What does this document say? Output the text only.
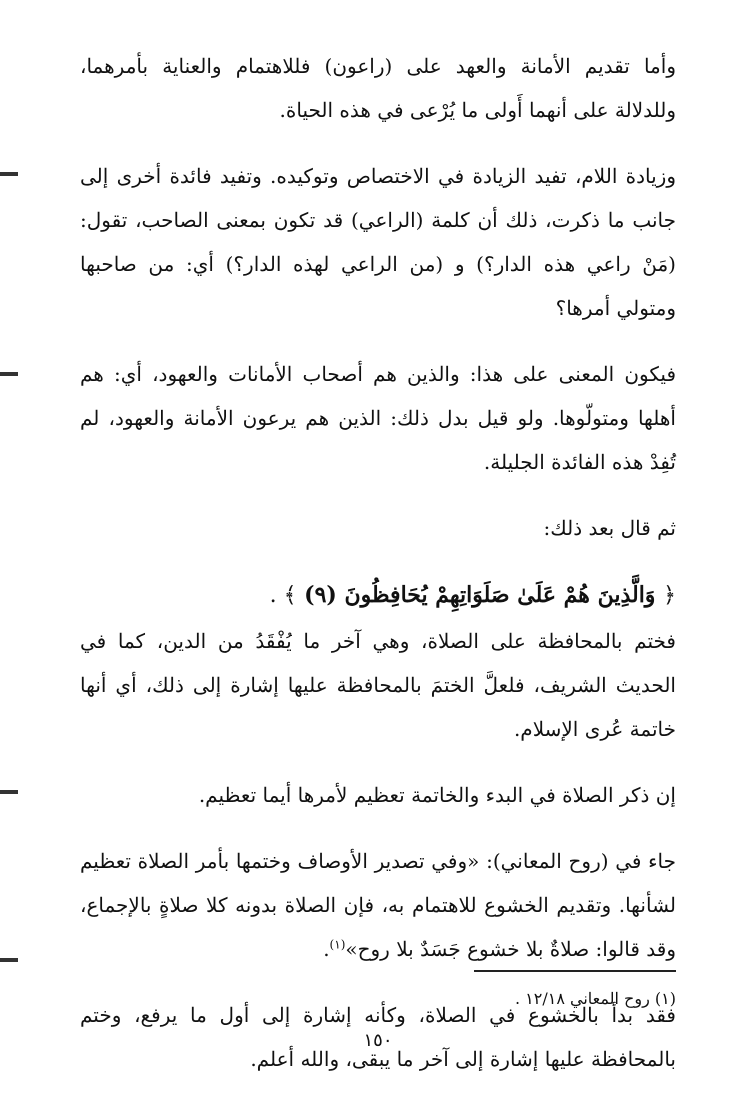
وأما تقديم الأمانة والعهد على (راعون) فللاهتمام والعناية بأمرهما، وللدلالة على أنهما أَولى ما يُرْعى في هذه الحياة.

وزيادة اللام، تفيد الزيادة في الاختصاص وتوكيده. وتفيد فائدة أخرى إلى جانب ما ذكرت، ذلك أن كلمة (الراعي) قد تكون بمعنى الصاحب، تقول: (مَنْ راعي هذه الدار؟) و (من الراعي لهذه الدار؟) أي: من صاحبها ومتولي أمرها؟

فيكون المعنى على هذا: والذين هم أصحاب الأمانات والعهود، أي: هم أهلها ومتولّوها. ولو قيل بدل ذلك: الذين هم يرعون الأمانة والعهود، لم تُفِدْ هذه الفائدة الجليلة.

ثم قال بعد ذلك:

﴿ وَالَّذِينَ هُمْ عَلَىٰ صَلَوَاتِهِمْ يُحَافِظُونَ (٩) ﴾ .

فختم بالمحافظة على الصلاة، وهي آخر ما يُفْقَدُ من الدين، كما في الحديث الشريف، فلعلَّ الختمَ بالمحافظة عليها إشارة إلى ذلك، أي أنها خاتمة عُرى الإسلام.

إن ذكر الصلاة في البدء والخاتمة تعظيم لأمرها أيما تعظيم.

جاء في (روح المعاني): «وفي تصدير الأوصاف وختمها بأمر الصلاة تعظيم لشأنها. وتقديم الخشوع للاهتمام به، فإن الصلاة بدونه كلا صلاةٍ بالإجماع، وقد قالوا: صلاةٌ بلا خشوع جَسَدٌ بلا روح»$^{(١)}$.

فقد بدأ بالخشوع في الصلاة، وكأنه إشارة إلى أول ما يرفع، وختم بالمحافظة عليها إشارة إلى آخر ما يبقى، والله أعلم.

(١) روح المعاني ١٢/١٨ .
١٥٠
